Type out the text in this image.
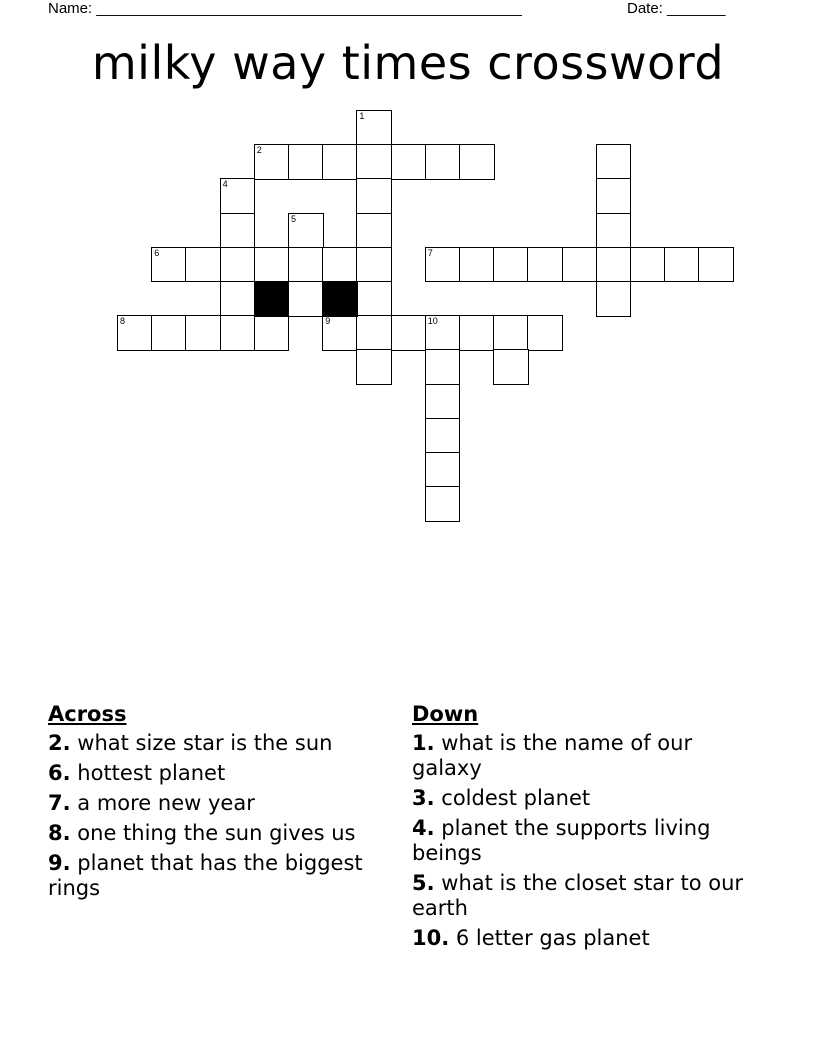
Name: ___________________________________________________	Date: _______
milky way times crossword
1
2
4
5
6	7
8	9	10
Across
2. what size star is the sun
6. hottest planet
7. a more new year
8. one thing the sun gives us
9. planet that has the biggest rings
Down
1. what is the name of our galaxy
3. coldest planet
4. planet the supports living beings
5. what is the closet star to our earth
10. 6 letter gas planet
